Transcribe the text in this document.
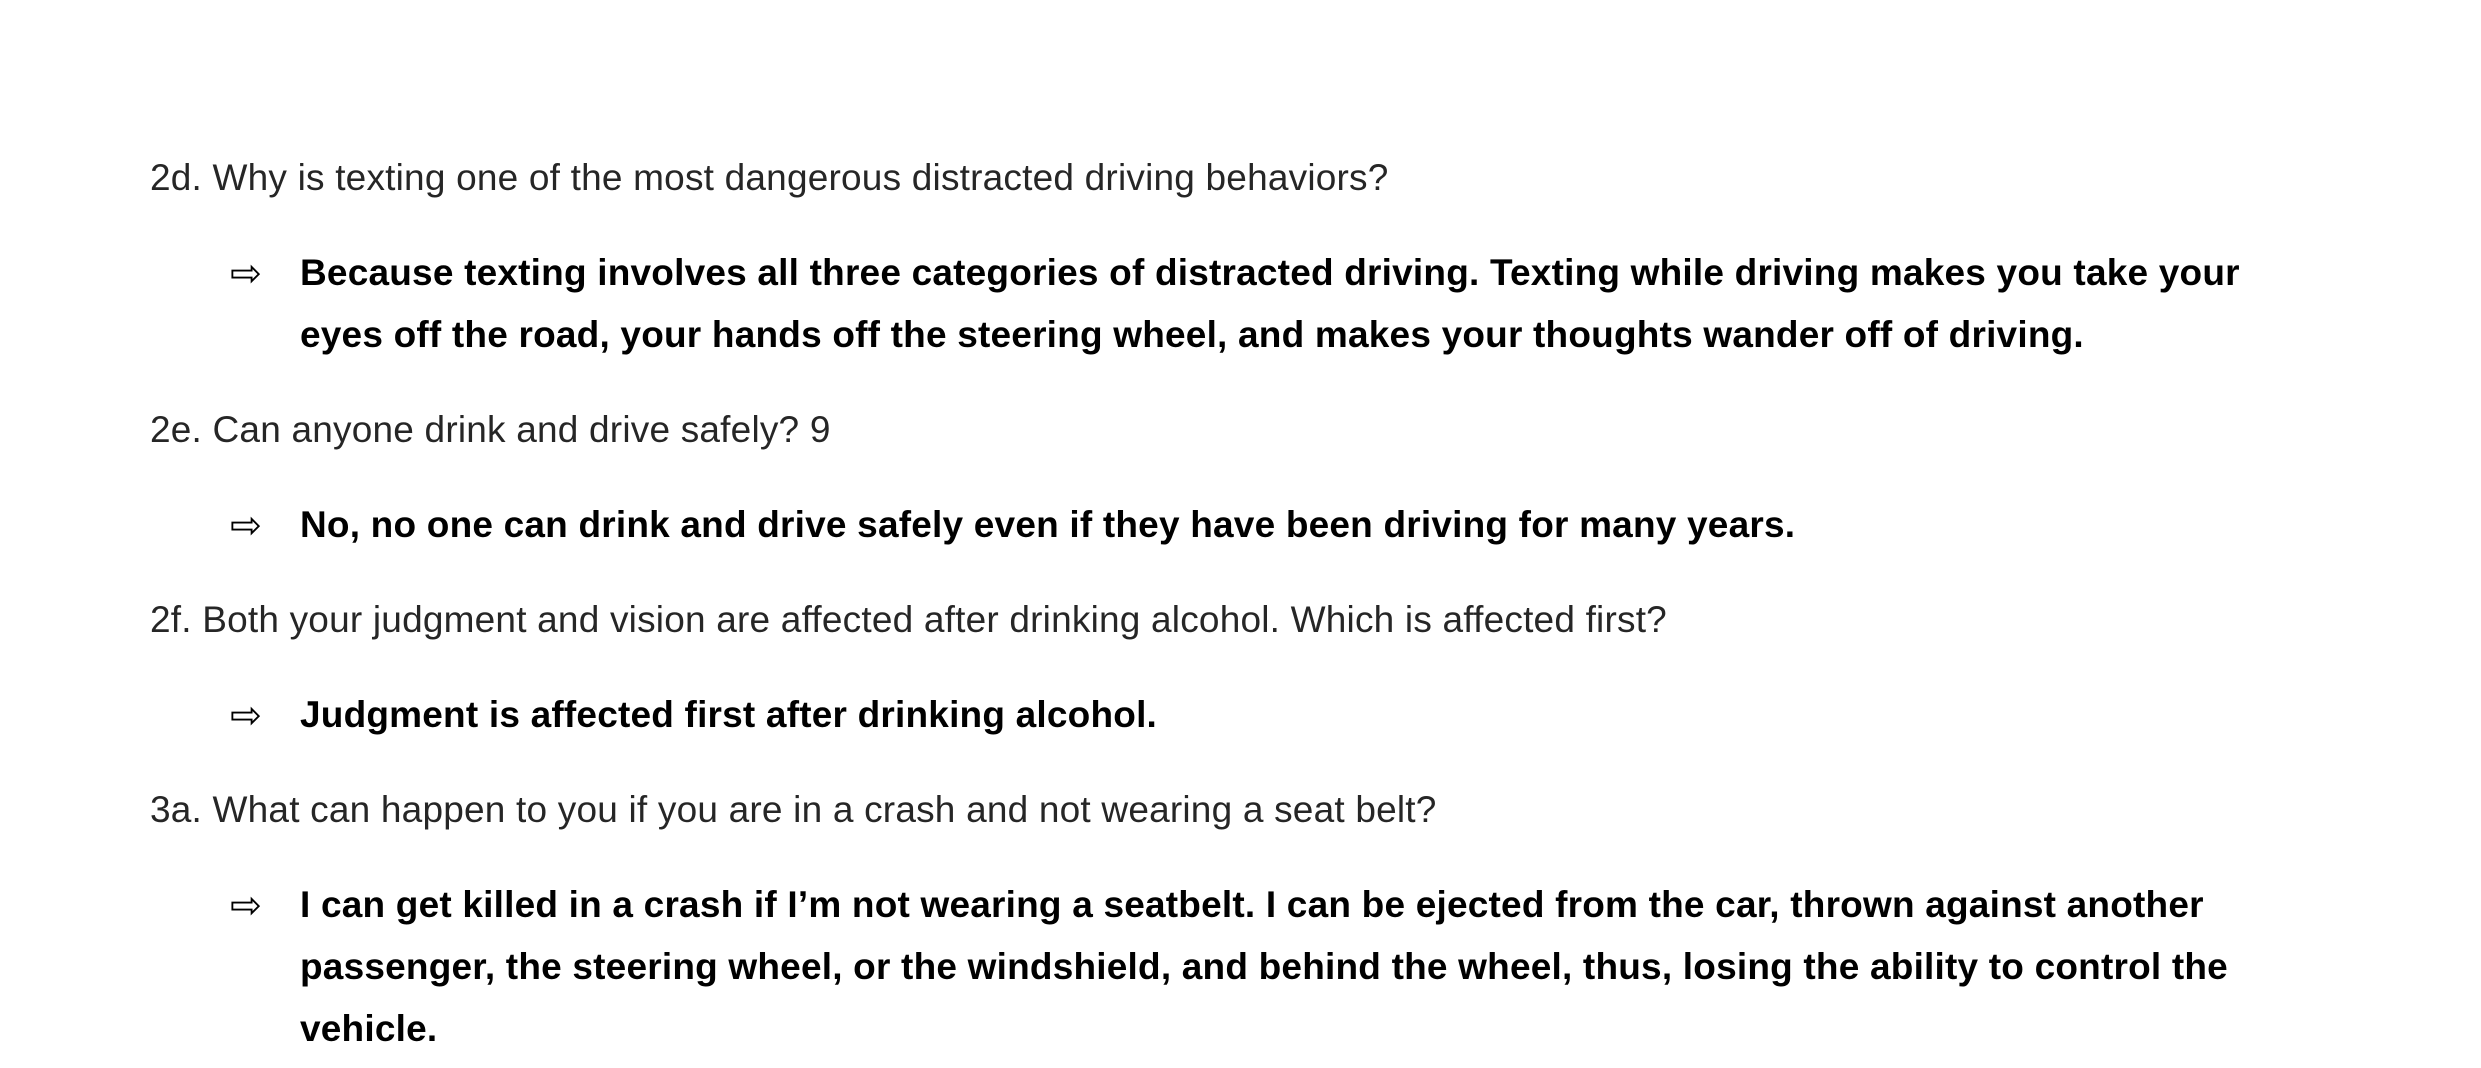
2d. Why is texting one of the most dangerous distracted driving behaviors?

⇨	Because texting involves all three categories of distracted driving. Texting while driving makes you take your eyes off the road, your hands off the steering wheel, and makes your thoughts wander off of driving.

2e. Can anyone drink and drive safely? 9

⇨	No, no one can drink and drive safely even if they have been driving for many years.

2f. Both your judgment and vision are affected after drinking alcohol. Which is affected first?

⇨	Judgment is affected first after drinking alcohol.

3a. What can happen to you if you are in a crash and not wearing a seat belt?

⇨	I can get killed in a crash if I’m not wearing a seatbelt. I can be ejected from the car, thrown against another passenger, the steering wheel, or the windshield, and behind the wheel, thus, losing the ability to control the vehicle.
